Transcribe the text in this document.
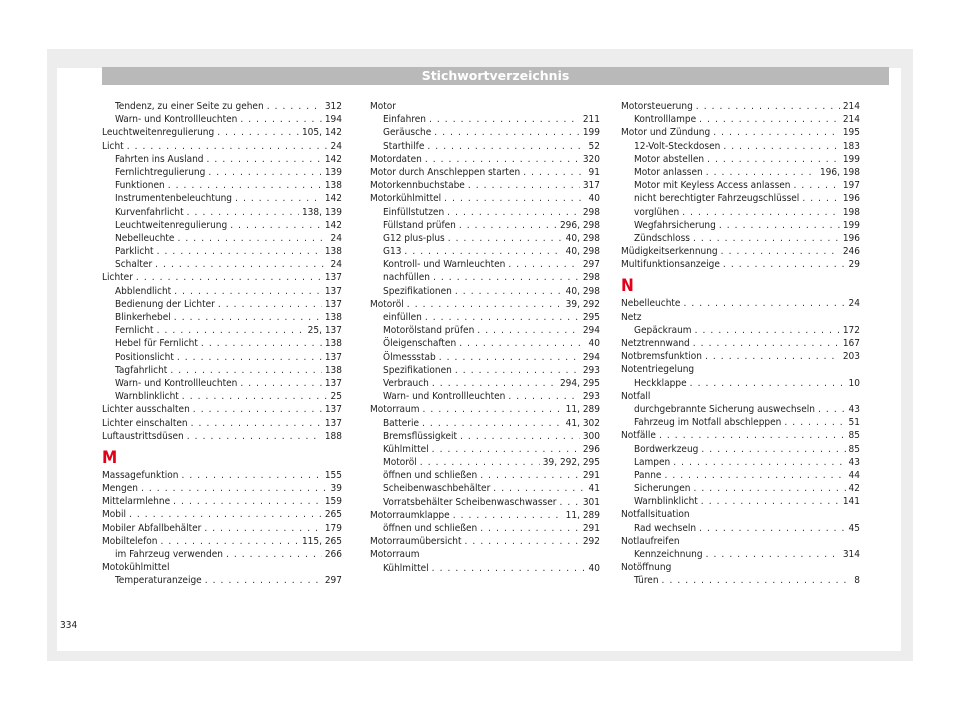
Stichwortverzeichnis
Tendenz, zu einer Seite zu gehen . . .	312
Warn- und Kontrollleuchten . . .	194
Leuchtweitenregulierung . . .	105, 142
Licht . . .	24
Fahrten ins Ausland . . .	142
Fernlichtregulierung . . .	139
Funktionen . . .	138
Instrumentenbeleuchtung . . .	142
Kurvenfahrlicht . . .	138, 139
Leuchtweitenregulierung . . .	142
Nebelleuchte . . .	24
Parklicht . . .	138
Schalter . . .	24
Lichter . . .	137
Abblendlicht . . .	137
Bedienung der Lichter . . .	137
Blinkerhebel . . .	138
Fernlicht . . .	25, 137
Hebel für Fernlicht . . .	138
Positionslicht . . .	137
Tagfahrlicht . . .	138
Warn- und Kontrollleuchten . . .	137
Warnblinklicht . . .	25
Lichter ausschalten . . .	137
Lichter einschalten . . .	137
Luftaustrittsdüsen . . .	188
M
Massagefunktion . . .	155
Mengen . . .	39
Mittelarmlehne . . .	159
Mobil . . .	265
Mobiler Abfallbehälter . . .	179
Mobiltelefon . . .	115, 265
im Fahrzeug verwenden . . .	266
Motokühlmittel
Temperaturanzeige . . .	297
Motor
Einfahren . . .	211
Geräusche . . .	199
Starthilfe . . .	52
Motordaten . . .	320
Motor durch Anschleppen starten . . .	91
Motorkennbuchstabe . . .	317
Motorkühlmittel . . .	40
Einfüllstutzen . . .	298
Füllstand prüfen . . .	296, 298
G12 plus-plus . . .	40, 298
G13 . . .	40, 298
Kontroll- und Warnleuchten . . .	297
nachfüllen . . .	298
Spezifikationen . . .	40, 298
Motoröl . . .	39, 292
einfüllen . . .	295
Motorölstand prüfen . . .	294
Öleigenschaften . . .	40
Ölmessstab . . .	294
Spezifikationen . . .	293
Verbrauch . . .	294, 295
Warn- und Kontrollleuchten . . .	293
Motorraum . . .	11, 289
Batterie . . .	41, 302
Bremsflüssigkeit . . .	300
Kühlmittel . . .	296
Motoröl . . .	39, 292, 295
öffnen und schließen . . .	291
Scheibenwaschbehälter . . .	41
Vorratsbehälter Scheibenwaschwasser . . .	301
Motorraumklappe . . .	11, 289
öffnen und schließen . . .	291
Motorraumübersicht . . .	292
Motorraum
Kühlmittel . . .	40
Motorsteuerung . . .	214
Kontrolllampe . . .	214
Motor und Zündung . . .	195
12-Volt-Steckdosen . . .	183
Motor abstellen . . .	199
Motor anlassen . . .	196, 198
Motor mit Keyless Access anlassen . . .	197
nicht berechtigter Fahrzeugschlüssel . . .	196
vorglühen . . .	198
Wegfahrsicherung . . .	199
Zündschloss . . .	196
Müdigkeitserkennung . . .	246
Multifunktionsanzeige . . .	29
N
Nebelleuchte . . .	24
Netz
Gepäckraum . . .	172
Netztrennwand . . .	167
Notbremsfunktion . . .	203
Notentriegelung
Heckklappe . . .	10
Notfall
durchgebrannte Sicherung auswechseln . . .	43
Fahrzeug im Notfall abschleppen . . .	51
Notfälle . . .	85
Bordwerkzeug . . .	85
Lampen . . .	43
Panne . . .	44
Sicherungen . . .	42
Warnblinklicht . . .	141
Notfallsituation
Rad wechseln . . .	45
Notlaufreifen
Kennzeichnung . . .	314
Notöffnung
Türen . . .	8
334
